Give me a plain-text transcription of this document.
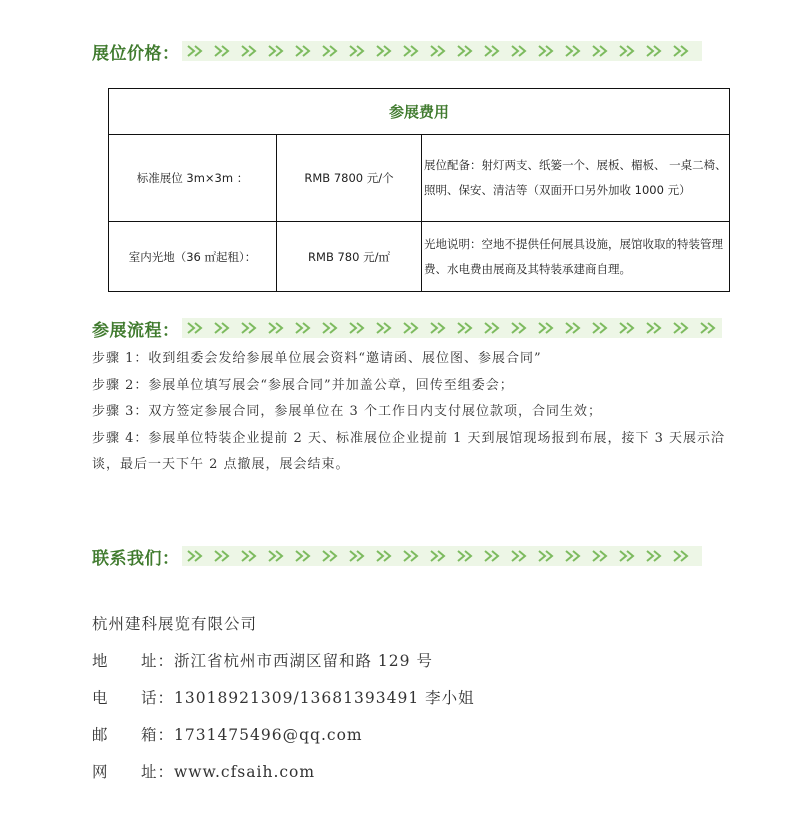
展位价格：
参展费用		
标准展位 3m×3m ：	RMB 7800 元/个	展位配备：射灯两支、纸篓一个、展板、楣板、 一桌二椅、照明、保安、清洁等（双面开口另外加收 1000 元）
室内光地（36 ㎡起租）：	RMB 780 元/㎡	光地说明：空地不提供任何展具设施，展馆收取的特装管理费、水电费由展商及其特装承建商自理。
参展流程：

步骤 1：收到组委会发给参展单位展会资料“邀请函、展位图、参展合同”

步骤 2：参展单位填写展会“参展合同”并加盖公章，回传至组委会；

步骤 3：双方签定参展合同，参展单位在 3 个工作日内支付展位款项，合同生效；

步骤 4：参展单位特装企业提前 2 天、标准展位企业提前 1 天到展馆现场报到布展，接下 3 天展示洽谈，最后一天下午 2 点撤展，展会结束。

联系我们：
杭州建科展览有限公司
地	址： 浙江省杭州市西湖区留和路 129 号
电	话： 13018921309/13681393491 李小姐
邮	箱： 1731475496@qq.com
网	址： www.cfsaih.com
